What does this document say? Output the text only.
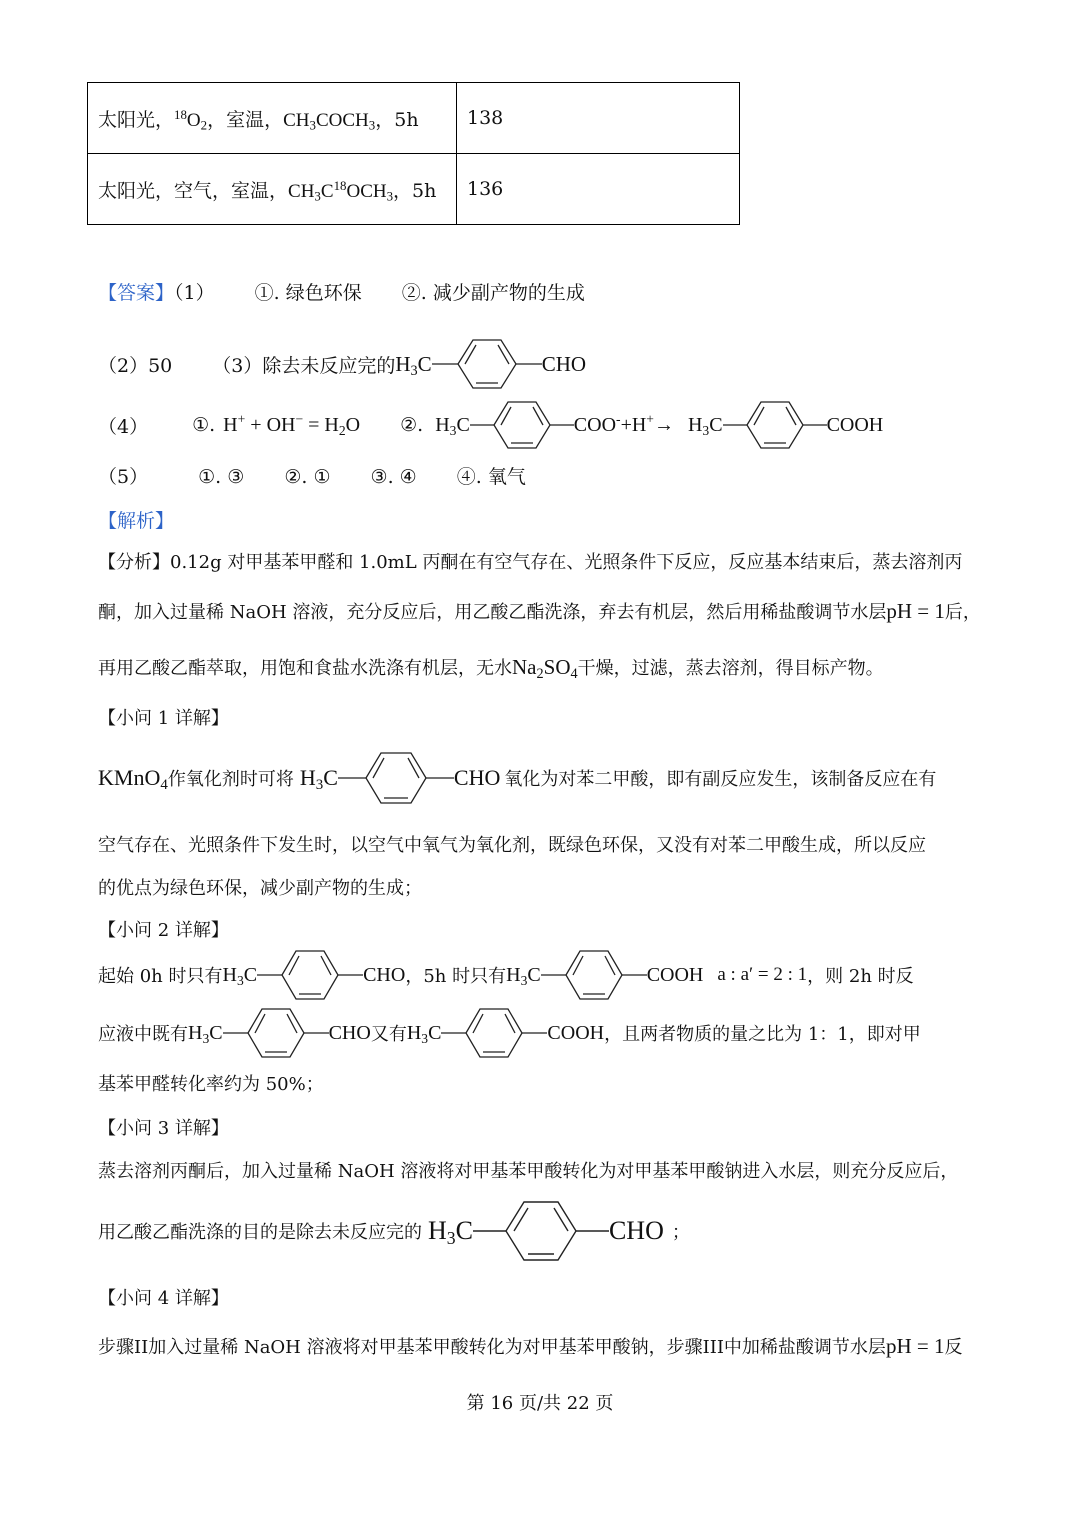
太阳光，$^{18}O_2$，室温，$CH_3COCH_3$，5h	138
太阳光，空气，室温，$CH_3C^{18}OCH_3$，5h	136
【答案】（1） ①. 绿色环保 ②. 减少副产物的生成
（2）50 （3）除去未反应完的 $H_3C$	CHO
（4） ①. $H^+ + OH^- = H_2O$ ②. $H_3C$	$COO^-+H^+\to H_3C$	COOH
（5）	①. ③ ②. ① ③. ④ ④. 氧气
【解析】
【分析】0.12g 对甲基苯甲醛和 1.0mL 丙酮在有空气存在、光照条件下反应，反应基本结束后，蒸去溶剂丙
酮，加入过量稀 NaOH 溶液，充分反应后，用乙酸乙酯洗涤，弃去有机层，然后用稀盐酸调节水层pH = 1后，
再用乙酸乙酯萃取，用饱和食盐水洗涤有机层，无水$Na_2SO_4$干燥，过滤，蒸去溶剂，得目标产物。
【小问 1 详解】
KMnO$_4$ 作氧化剂时可将 $H_3C$	CHO 氧化为对苯二甲酸，即有副反应发生，该制备反应在有
空气存在、光照条件下发生时，以空气中氧气为氧化剂，既绿色环保，又没有对苯二甲酸生成，所以反应
的优点为绿色环保，减少副产物的生成；
【小问 2 详解】
起始 0h 时只有 $H_3C$	CHO ，5h 时只有 $H_3C$	COOH a : a′ = 2 : 1 ，则 2h 时反
应液中既有 $H_3C$	CHO 又有 $H_3C$	COOH ，且两者物质的量之比为 1：1，即对甲
基苯甲醛转化率约为 50%；
【小问 3 详解】
蒸去溶剂丙酮后，加入过量稀 NaOH 溶液将对甲基苯甲酸转化为对甲基苯甲酸钠进入水层，则充分反应后，
用乙酸乙酯洗涤的目的是除去未反应完的 $H_3C$	CHO ；
【小问 4 详解】
步骤II加入过量稀 NaOH 溶液将对甲基苯甲酸转化为对甲基苯甲酸钠，步骤III中加稀盐酸调节水层pH = 1反
第 16 页/共 22 页
